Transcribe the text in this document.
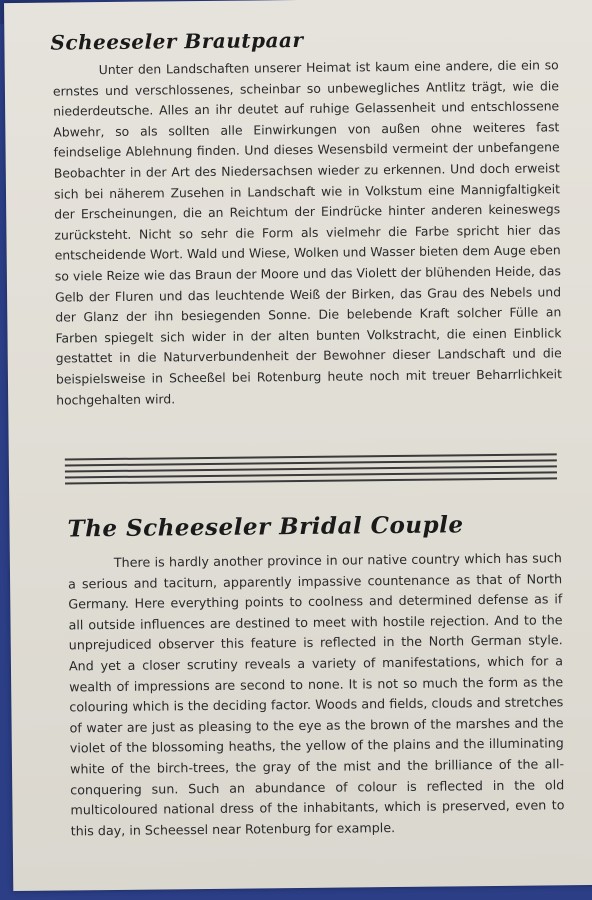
Scheeseler Brautpaar

Unter den Landschaften unserer Heimat ist kaum eine andere, die ein so ernstes und verschlossenes, scheinbar so unbewegliches Antlitz trägt, wie die niederdeutsche. Alles an ihr deutet auf ruhige Gelassenheit und entschlossene Abwehr, so als sollten alle Einwirkungen von außen ohne weiteres fast feindselige Ablehnung finden. Und dieses Wesensbild vermeint der unbefangene Beobachter in der Art des Niedersachsen wieder zu erkennen. Und doch erweist sich bei näherem Zusehen in Landschaft wie in Volkstum eine Mannigfaltigkeit der Erscheinungen, die an Reichtum der Eindrücke hinter anderen keineswegs zurücksteht. Nicht so sehr die Form als vielmehr die Farbe spricht hier das entscheidende Wort. Wald und Wiese, Wolken und Wasser bieten dem Auge eben so viele Reize wie das Braun der Moore und das Violett der blühenden Heide, das Gelb der Fluren und das leuchtende Weiß der Birken, das Grau des Nebels und der Glanz der ihn besiegenden Sonne. Die belebende Kraft solcher Fülle an Farben spiegelt sich wider in der alten bunten Volkstracht, die einen Einblick gestattet in die Naturverbundenheit der Bewohner dieser Landschaft und die beispielsweise in Scheeßel bei Rotenburg heute noch mit treuer Beharrlichkeit hochgehalten wird.

The Scheeseler Bridal Couple

There is hardly another province in our native country which has such a serious and taciturn, apparently impassive countenance as that of North Germany. Here everything points to coolness and determined defense as if all outside influences are destined to meet with hostile rejection. And to the unprejudiced observer this feature is reflected in the North German style. And yet a closer scrutiny reveals a variety of manifestations, which for a wealth of impressions are second to none. It is not so much the form as the colouring which is the deciding factor. Woods and fields, clouds and stretches of water are just as pleasing to the eye as the brown of the marshes and the violet of the blossoming heaths, the yellow of the plains and the illuminating white of the birch-trees, the gray of the mist and the brilliance of the all-conquering sun. Such an abundance of colour is reflected in the old multicoloured national dress of the inhabitants, which is preserved, even to this day, in Scheessel near Rotenburg for example.
